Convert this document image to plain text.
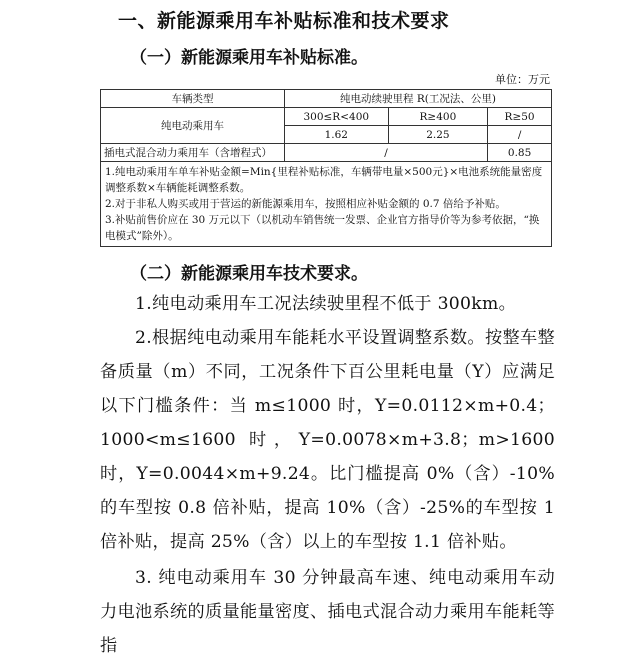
一、新能源乘用车补贴标准和技术要求
（一）新能源乘用车补贴标准。
单位：万元
车辆类型	纯电动续驶里程 R(工况法、公里)		
纯电动乘用车	300≤R<400	R≥400	R≥50
	1.62	2.25	/
插电式混合动力乘用车（含增程式）	/		0.85

1.纯电动乘用车单车补贴金额=Min{里程补贴标准，车辆带电量×500元}×电池系统能量密度调整系数×车辆能耗调整系数。
2.对于非私人购买或用于营运的新能源乘用车，按照相应补贴金额的 0.7 倍给予补贴。
3.补贴前售价应在 30 万元以下（以机动车销售统一发票、企业官方指导价等为参考依据，“换电模式”除外）。			
（二）新能源乘用车技术要求。

1.纯电动乘用车工况法续驶里程不低于 300km。

2.根据纯电动乘用车能耗水平设置调整系数。按整车整备质量（m）不同，工况条件下百公里耗电量（Y）应满足以下门槛条件：当 m≤1000 时，Y=0.0112×m+0.4；1000<m≤1600 时，Y=0.0078×m+3.8；m>1600 时，Y=0.0044×m+9.24。比门槛提高 0%（含）-10%的车型按 0.8 倍补贴，提高 10%（含）-25%的车型按 1 倍补贴，提高 25%（含）以上的车型按 1.1 倍补贴。

3. 纯电动乘用车 30 分钟最高车速、纯电动乘用车动力电池系统的质量能量密度、插电式混合动力乘用车能耗等指
